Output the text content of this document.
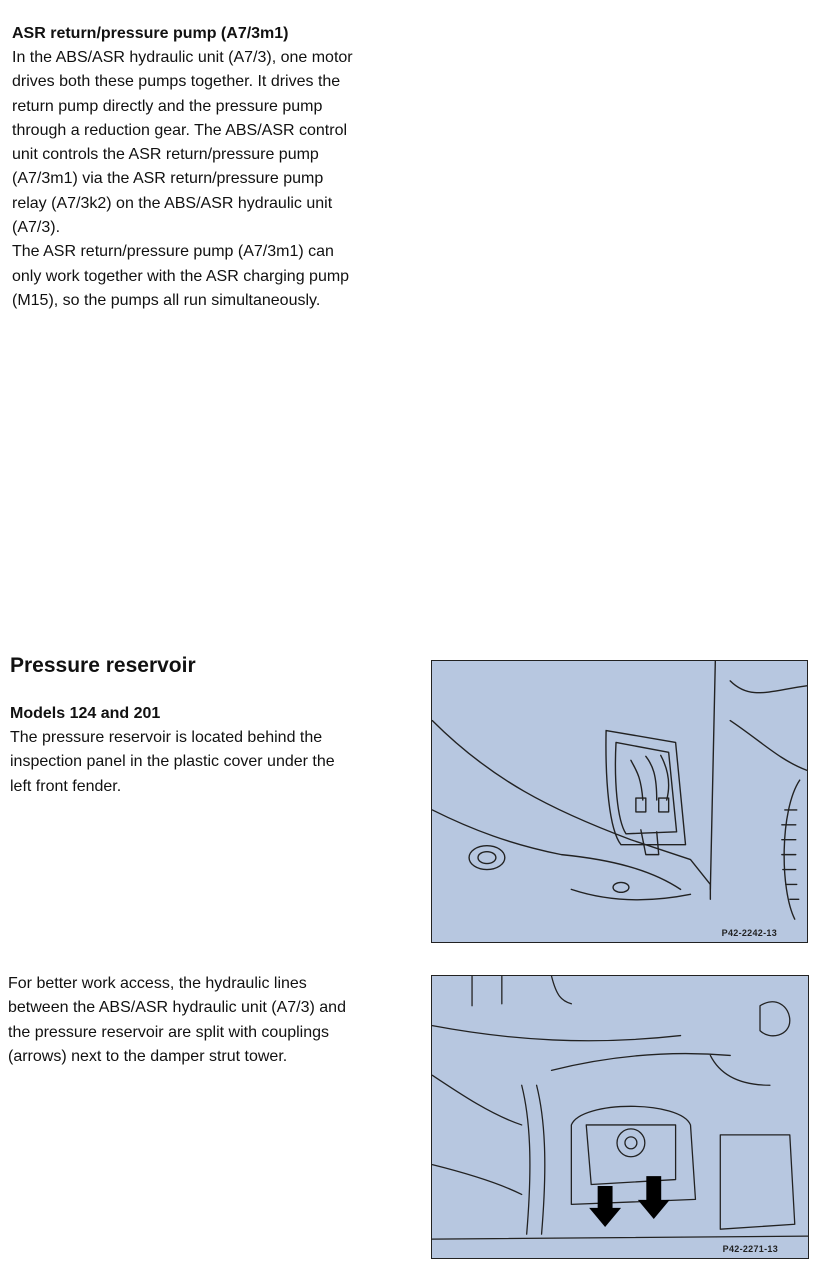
ASR return/pressure pump (A7/3m1)
In the ABS/ASR hydraulic unit (A7/3), one motor
drives both these pumps together. It drives the
return pump directly and the pressure pump
through a reduction gear. The ABS/ASR control
unit controls the ASR return/pressure pump
(A7/3m1) via the ASR return/pressure pump
relay (A7/3k2) on the ABS/ASR hydraulic unit
(A7/3).
The ASR return/pressure pump (A7/3m1) can
only work together with the ASR charging pump
(M15), so the pumps all run simultaneously.
Pressure reservoir
Models 124 and 201
The pressure reservoir is located behind the
inspection panel in the plastic cover under the
left front fender.
For better work access, the hydraulic lines
between the ABS/ASR hydraulic unit (A7/3) and
the pressure reservoir are split with couplings
(arrows) next to the damper strut tower.
P42-2242-13
P42-2271-13
